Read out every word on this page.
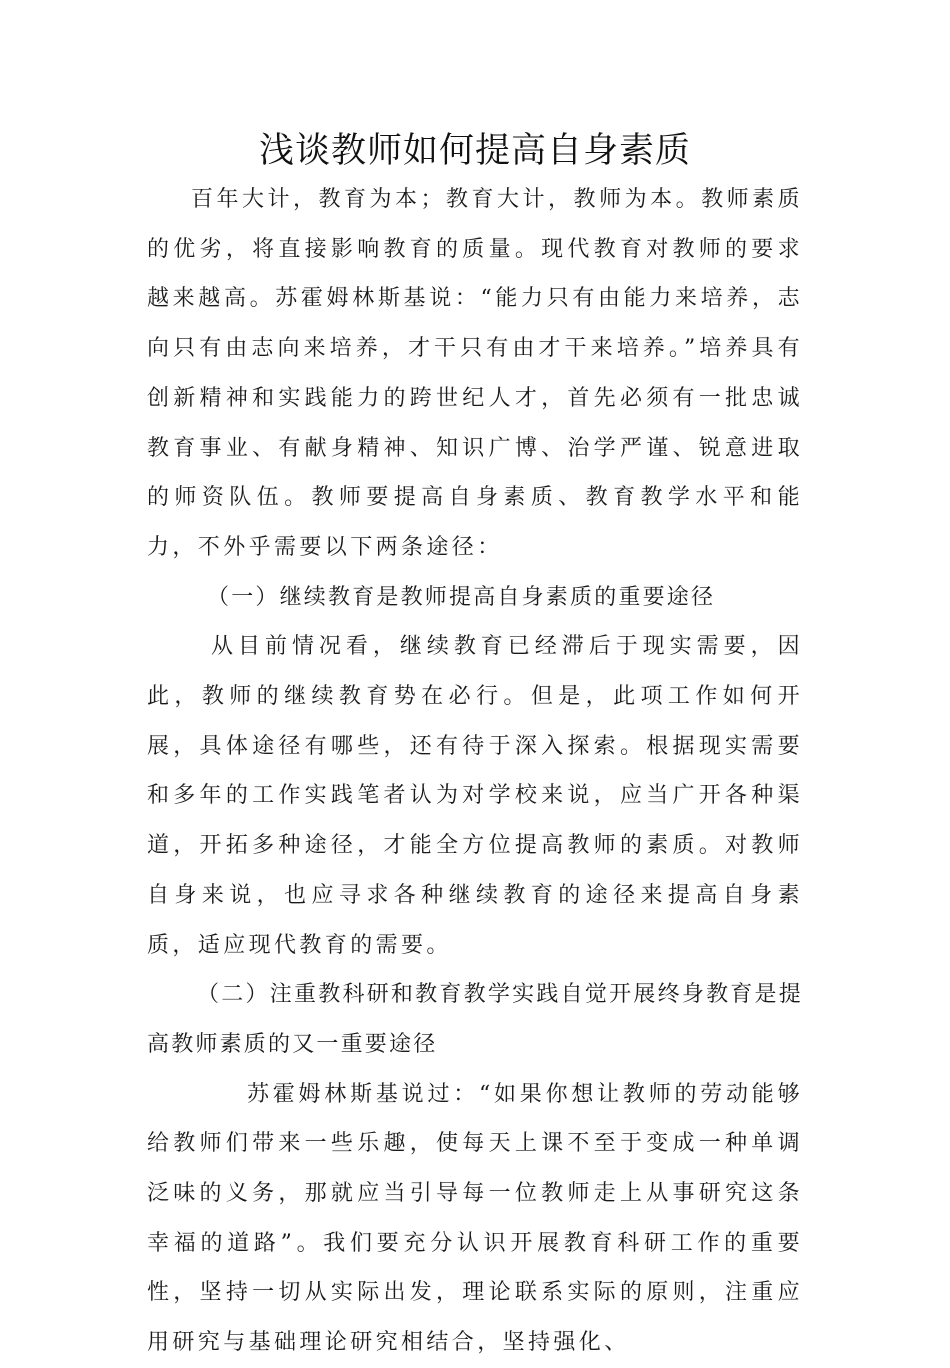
浅谈教师如何提高自身素质

百年大计，教育为本；教育大计，教师为本。教师素质的优劣，将直接影响教育的质量。现代教育对教师的要求越来越高。苏霍姆林斯基说：“能力只有由能力来培养，志向只有由志向来培养，才干只有由才干来培养。”培养具有创新精神和实践能力的跨世纪人才，首先必须有一批忠诚教育事业、有献身精神、知识广博、治学严谨、锐意进取的师资队伍。教师要提高自身素质、教育教学水平和能力，不外乎需要以下两条途径：

（一）继续教育是教师提高自身素质的重要途径

从目前情况看，继续教育已经滞后于现实需要，因此，教师的继续教育势在必行。但是，此项工作如何开展，具体途径有哪些，还有待于深入探索。根据现实需要和多年的工作实践笔者认为对学校来说，应当广开各种渠道，开拓多种途径，才能全方位提高教师的素质。对教师自身来说，也应寻求各种继续教育的途径来提高自身素质，适应现代教育的需要。

（二）注重教科研和教育教学实践自觉开展终身教育是提高教师素质的又一重要途径

苏霍姆林斯基说过：“如果你想让教师的劳动能够给教师们带来一些乐趣，使每天上课不至于变成一种单调泛味的义务，那就应当引导每一位教师走上从事研究这条幸福的道路”。我们要充分认识开展教育科研工作的重要性，坚持一切从实际出发，理论联系实际的原则，注重应用研究与基础理论研究相结合，坚持强化、
